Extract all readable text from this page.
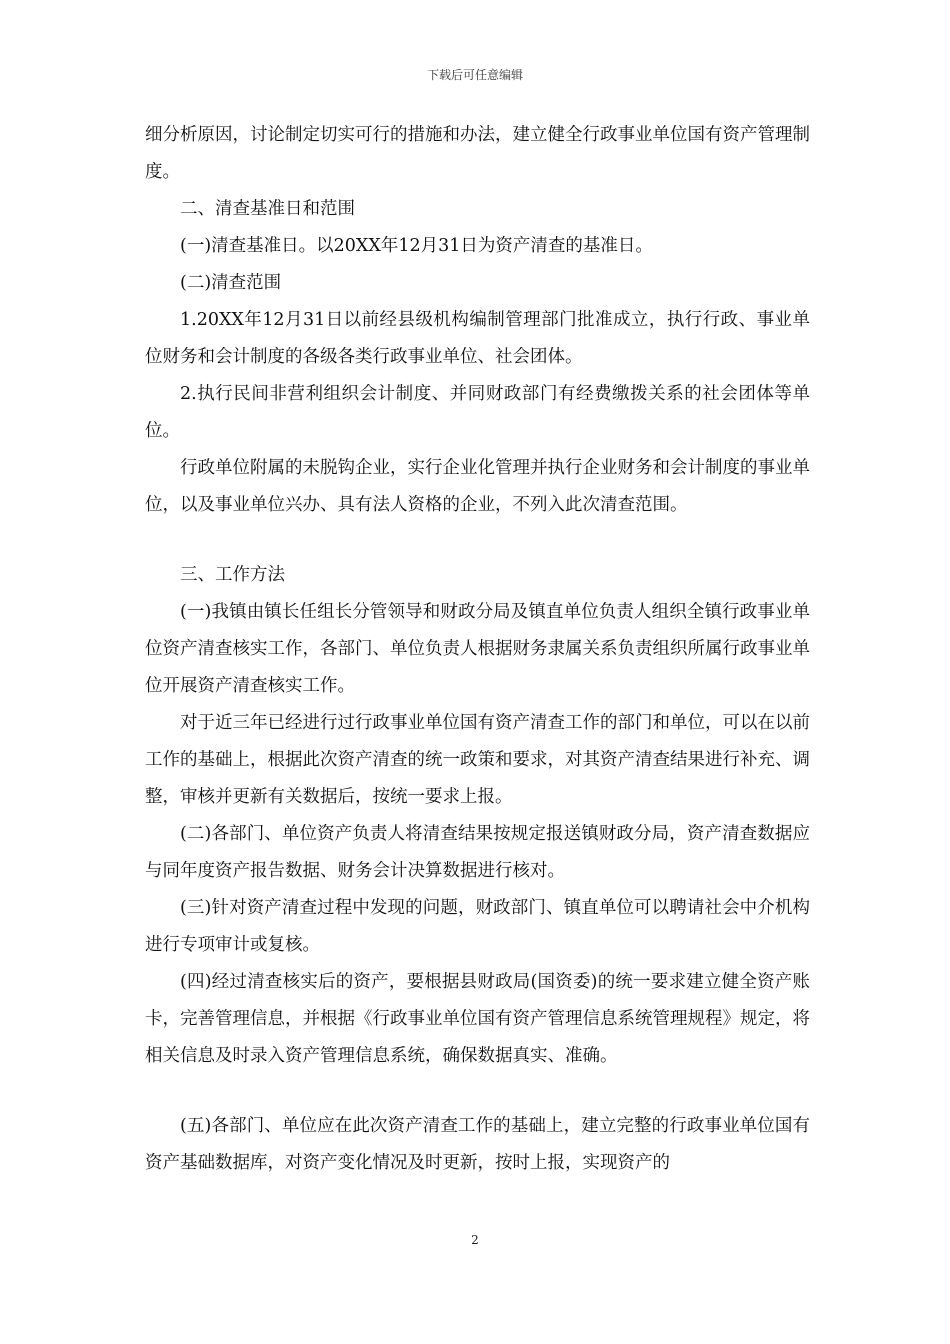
下载后可任意编辑

细分析原因，讨论制定切实可行的措施和办法，建立健全行政事业单位国有资产管理制度。

二、清查基准日和范围

(一)清查基准日。以20XX年12月31日为资产清查的基准日。

(二)清查范围

1.20XX年12月31日以前经县级机构编制管理部门批准成立，执行行政、事业单位财务和会计制度的各级各类行政事业单位、社会团体。

2.执行民间非营利组织会计制度、并同财政部门有经费缴拨关系的社会团体等单位。

行政单位附属的未脱钩企业，实行企业化管理并执行企业财务和会计制度的事业单位，以及事业单位兴办、具有法人资格的企业，不列入此次清查范围。

三、工作方法

(一)我镇由镇长任组长分管领导和财政分局及镇直单位负责人组织全镇行政事业单位资产清查核实工作，各部门、单位负责人根据财务隶属关系负责组织所属行政事业单位开展资产清查核实工作。

对于近三年已经进行过行政事业单位国有资产清查工作的部门和单位，可以在以前工作的基础上，根据此次资产清查的统一政策和要求，对其资产清查结果进行补充、调整，审核并更新有关数据后，按统一要求上报。

(二)各部门、单位资产负责人将清查结果按规定报送镇财政分局，资产清查数据应与同年度资产报告数据、财务会计决算数据进行核对。

(三)针对资产清查过程中发现的问题，财政部门、镇直单位可以聘请社会中介机构进行专项审计或复核。

(四)经过清查核实后的资产，要根据县财政局(国资委)的统一要求建立健全资产账卡，完善管理信息，并根据《行政事业单位国有资产管理信息系统管理规程》规定，将相关信息及时录入资产管理信息系统，确保数据真实、准确。

(五)各部门、单位应在此次资产清查工作的基础上，建立完整的行政事业单位国有资产基础数据库，对资产变化情况及时更新，按时上报，实现资产的

2
